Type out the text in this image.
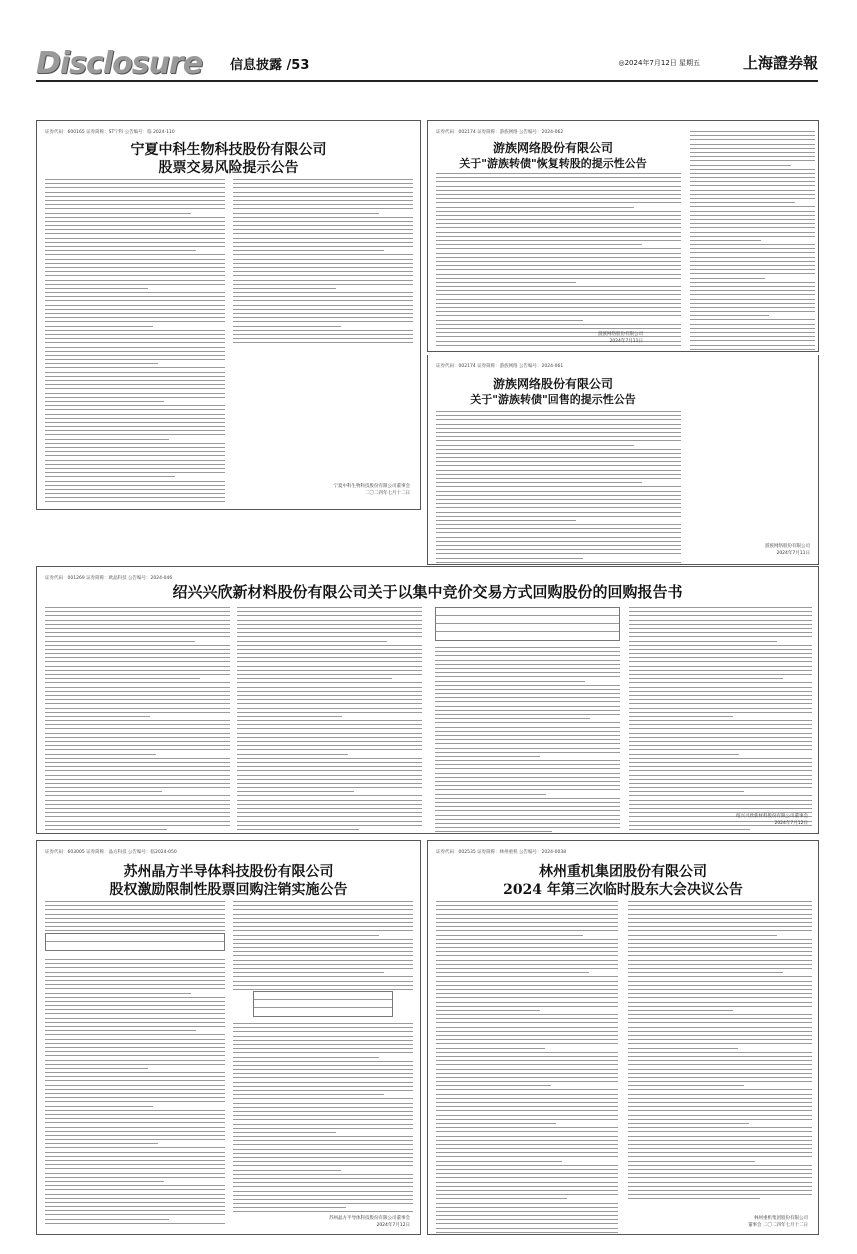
Disclosure 信息披露 /53	◎2024年7月12日 星期五	上海證券報
证券代码：600165 证券简称：ST宁科 公告编号：临 2024-110
宁夏中科生物科技股份有限公司
股票交易风险提示公告
宁夏中科生物科技股份有限公司董事会
二〇二四年七月十二日
证券代码：002174 证券简称：游族网络 公告编号：2024-062
游族网络股份有限公司
关于"游族转债"恢复转股的提示性公告
游族网络股份有限公司
2024年7月11日
证券代码：002174 证券简称：游族网络 公告编号：2024-061
游族网络股份有限公司
关于"游族转债"回售的提示性公告
游族网络股份有限公司
2024年7月11日
证券代码：001269 证券简称：欧晶科技 公告编号：2024-046
绍兴兴欣新材料股份有限公司关于以集中竞价交易方式回购股份的回购报告书
绍兴兴欣新材料股份有限公司董事会
2024年7月12日
证券代码：603005 证券简称：晶方科技 公告编号：临2024-050
苏州晶方半导体科技股份有限公司
股权激励限制性股票回购注销实施公告
苏州晶方半导体科技股份有限公司董事会
2024年7月12日
证券代码：002535 证券简称：林州重机 公告编号：2024-0038
林州重机集团股份有限公司
2024 年第三次临时股东大会决议公告
林州重机集团股份有限公司
董事会 二〇二四年七月十二日
